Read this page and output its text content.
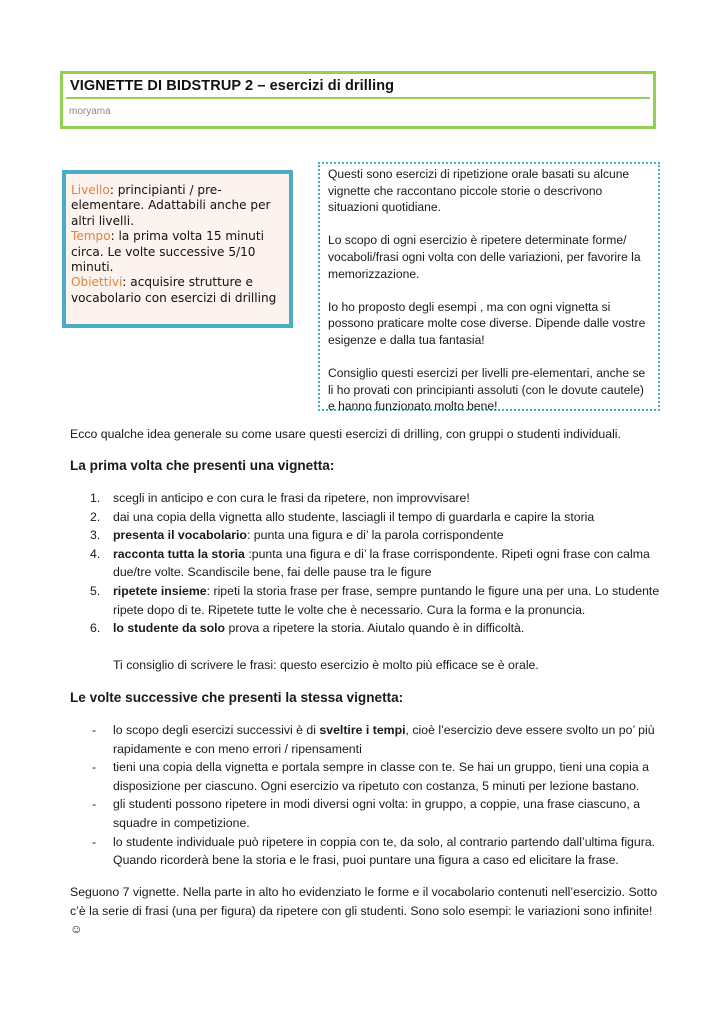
VIGNETTE DI BIDSTRUP 2 – esercizi di drilling
moryama
Livello: principianti / pre-elementare. Adattabili anche per altri livelli.
Tempo: la prima volta 15 minuti circa. Le volte successive 5/10 minuti.
Obiettivi: acquisire strutture e vocabolario con esercizi di drilling

Questi sono esercizi di ripetizione orale basati su alcune vignette che raccontano piccole storie o descrivono situazioni quotidiane.

Lo scopo di ogni esercizio è ripetere determinate forme/ vocaboli/frasi ogni volta con delle variazioni, per favorire la memorizzazione.

Io ho proposto degli esempi , ma con ogni vignetta si possono praticare molte cose diverse. Dipende dalle vostre esigenze e dalla tua fantasia!

Consiglio questi esercizi per livelli pre-elementari, anche se li ho provati con principianti assoluti (con le dovute cautele) e hanno funzionato molto bene!

Ecco qualche idea generale su come usare questi esercizi di drilling, con gruppi o studenti individuali.
La prima volta che presenti una vignetta:
1. scegli in anticipo e con cura le frasi da ripetere, non improvvisare!
2. dai una copia della vignetta allo studente, lasciagli il tempo di guardarla e capire la storia
3. presenta il vocabolario: punta una figura e di’ la parola corrispondente
4. racconta tutta la storia :punta una figura e di’ la frase corrispondente. Ripeti ogni frase con calma due/tre volte. Scandiscile bene, fai delle pause tra le figure
5. ripetete insieme: ripeti la storia frase per frase, sempre puntando le figure una per una. Lo studente ripete dopo di te. Ripetete tutte le volte che è necessario. Cura la forma e la pronuncia.
6. lo studente da solo prova a ripetere la storia. Aiutalo quando è in difficoltà.
Ti consiglio di scrivere le frasi: questo esercizio è molto più efficace se è orale.
Le volte successive che presenti la stessa vignetta:
- lo scopo degli esercizi successivi è di sveltire i tempi, cioè l’esercizio deve essere svolto un po’ più rapidamente e con meno errori / ripensamenti
- tieni una copia della vignetta e portala sempre in classe con te. Se hai un gruppo, tieni una copia a disposizione per ciascuno. Ogni esercizio va ripetuto con costanza, 5 minuti per lezione bastano.
- gli studenti possono ripetere in modi diversi ogni volta: in gruppo, a coppie, una frase ciascuno, a squadre in competizione.
- lo studente individuale può ripetere in coppia con te, da solo, al contrario partendo dall’ultima figura. Quando ricorderà bene la storia e le frasi, puoi puntare una figura a caso ed elicitare la frase.
Seguono 7 vignette. Nella parte in alto ho evidenziato le forme e il vocabolario contenuti nell’esercizio. Sotto c’è la serie di frasi (una per figura) da ripetere con gli studenti. Sono solo esempi: le variazioni sono infinite! ☺
